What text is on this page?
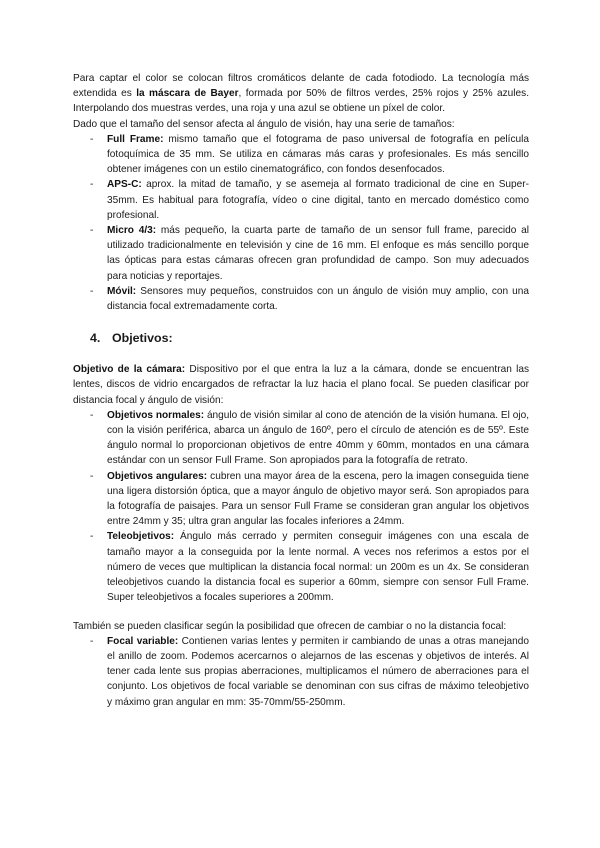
Para captar el color se colocan filtros cromáticos delante de cada fotodiodo. La tecnología más extendida es la máscara de Bayer, formada por 50% de filtros verdes, 25% rojos y 25% azules. Interpolando dos muestras verdes, una roja y una azul se obtiene un píxel de color.

Dado que el tamaño del sensor afecta al ángulo de visión, hay una serie de tamaños:

- Full Frame: mismo tamaño que el fotograma de paso universal de fotografía en película fotoquímica de 35 mm. Se utiliza en cámaras más caras y profesionales. Es más sencillo obtener imágenes con un estilo cinematográfico, con fondos desenfocados.
- APS-C: aprox. la mitad de tamaño, y se asemeja al formato tradicional de cine en Super-35mm. Es habitual para fotografía, vídeo o cine digital, tanto en mercado doméstico como profesional.
- Micro 4/3: más pequeño, la cuarta parte de tamaño de un sensor full frame, parecido al utilizado tradicionalmente en televisión y cine de 16 mm. El enfoque es más sencillo porque las ópticas para estas cámaras ofrecen gran profundidad de campo. Son muy adecuados para noticias y reportajes.
- Móvil: Sensores muy pequeños, construidos con un ángulo de visión muy amplio, con una distancia focal extremadamente corta.
4. Objetivos:

Objetivo de la cámara: Dispositivo por el que entra la luz a la cámara, donde se encuentran las lentes, discos de vidrio encargados de refractar la luz hacia el plano focal. Se pueden clasificar por distancia focal y ángulo de visión:

- Objetivos normales: ángulo de visión similar al cono de atención de la visión humana. El ojo, con la visión periférica, abarca un ángulo de 160º, pero el círculo de atención es de 55º. Este ángulo normal lo proporcionan objetivos de entre 40mm y 60mm, montados en una cámara estándar con un sensor Full Frame. Son apropiados para la fotografía de retrato.
- Objetivos angulares: cubren una mayor área de la escena, pero la imagen conseguida tiene una ligera distorsión óptica, que a mayor ángulo de objetivo mayor será. Son apropiados para la fotografía de paisajes. Para un sensor Full Frame se consideran gran angular los objetivos entre 24mm y 35; ultra gran angular las focales inferiores a 24mm.
- Teleobjetivos: Ángulo más cerrado y permiten conseguir imágenes con una escala de tamaño mayor a la conseguida por la lente normal. A veces nos referimos a estos por el número de veces que multiplican la distancia focal normal: un 200m es un 4x. Se consideran teleobjetivos cuando la distancia focal es superior a 60mm, siempre con sensor Full Frame. Super teleobjetivos a focales superiores a 200mm.

También se pueden clasificar según la posibilidad que ofrecen de cambiar o no la distancia focal:

- Focal variable: Contienen varias lentes y permiten ir cambiando de unas a otras manejando el anillo de zoom. Podemos acercarnos o alejarnos de las escenas y objetivos de interés. Al tener cada lente sus propias aberraciones, multiplicamos el número de aberraciones para el conjunto. Los objetivos de focal variable se denominan con sus cifras de máximo teleobjetivo y máximo gran angular en mm: 35-70mm/55-250mm.
